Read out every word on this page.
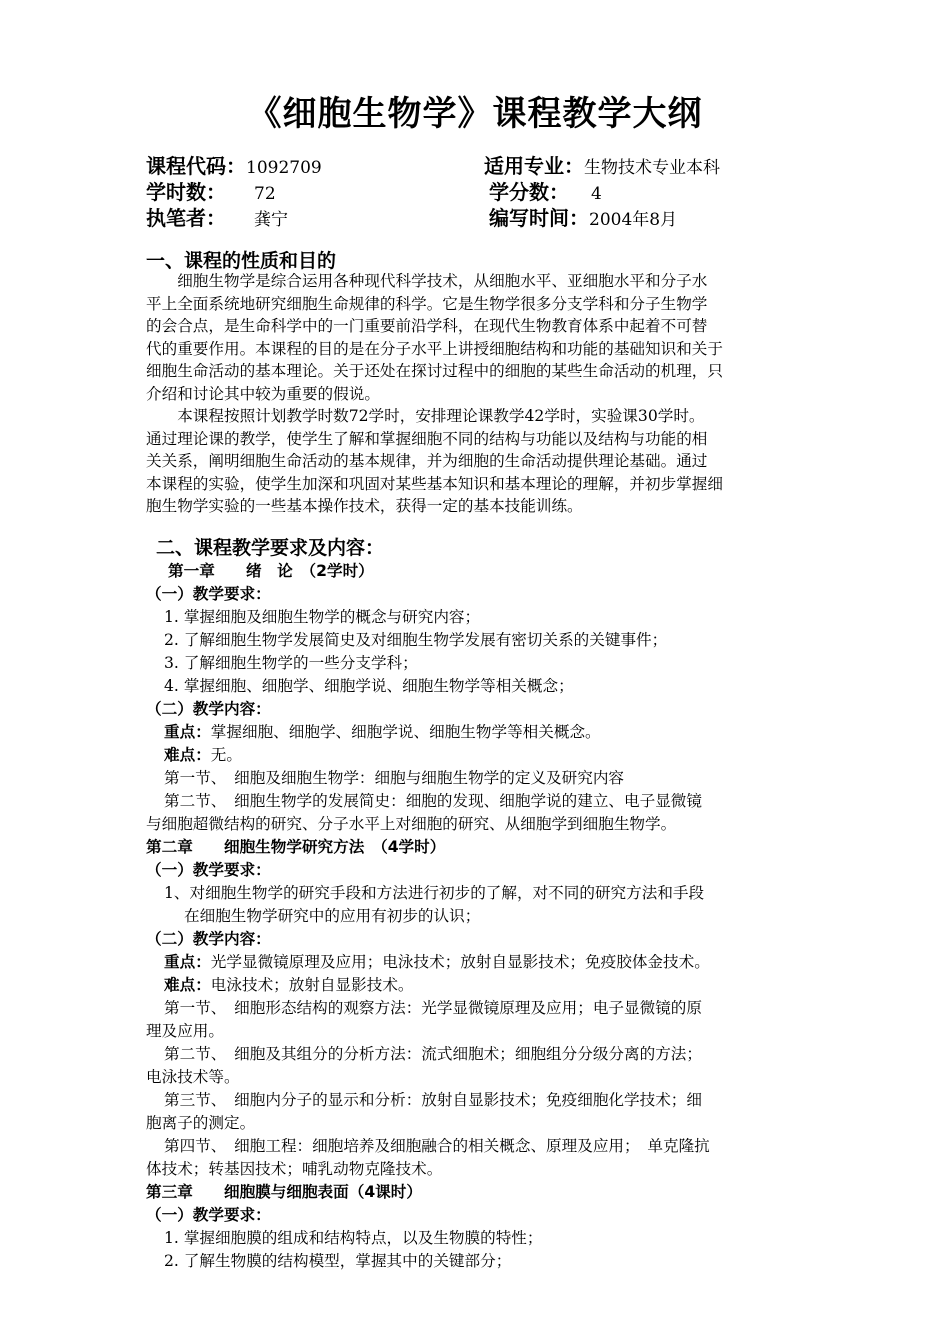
《细胞生物学》课程教学大纲
课程代码：1092709	适用专业：生物技术专业本科
学时数： 72	学分数： 4
执笔者： 龚宁	编写时间：2004年8月
一、课程的性质和目的
　　细胞生物学是综合运用各种现代科学技术，从细胞水平、亚细胞水平和分子水
平上全面系统地研究细胞生命规律的科学。它是生物学很多分支学科和分子生物学
的会合点，是生命科学中的一门重要前沿学科，在现代生物教育体系中起着不可替
代的重要作用。本课程的目的是在分子水平上讲授细胞结构和功能的基础知识和关于
细胞生命活动的基本理论。关于还处在探讨过程中的细胞的某些生命活动的机理，只
介绍和讨论其中较为重要的假说。
　　本课程按照计划教学时数72学时，安排理论课教学42学时，实验课30学时。
通过理论课的教学，使学生了解和掌握细胞不同的结构与功能以及结构与功能的相
关关系，阐明细胞生命活动的基本规律，并为细胞的生命活动提供理论基础。通过
本课程的实验，使学生加深和巩固对某些基本知识和基本理论的理解，并初步掌握细
胞生物学实验的一些基本操作技术，获得一定的基本技能训练。
二、课程教学要求及内容：
第一章　　绪　论　（2学时）
（一）教学要求：
1. 掌握细胞及细胞生物学的概念与研究内容；
2. 了解细胞生物学发展简史及对细胞生物学发展有密切关系的关键事件；
3. 了解细胞生物学的一些分支学科；
4. 掌握细胞、细胞学、细胞学说、细胞生物学等相关概念；
（二）教学内容：
重点：掌握细胞、细胞学、细胞学说、细胞生物学等相关概念。
难点：无。
第一节、　细胞及细胞生物学：细胞与细胞生物学的定义及研究内容
第二节、　细胞生物学的发展简史：细胞的发现、细胞学说的建立、电子显微镜
与细胞超微结构的研究、分子水平上对细胞的研究、从细胞学到细胞生物学。
第二章　　细胞生物学研究方法　（4学时）
（一）教学要求：
1、对细胞生物学的研究手段和方法进行初步的了解，对不同的研究方法和手段
在细胞生物学研究中的应用有初步的认识；
（二）教学内容：
重点：光学显微镜原理及应用；电泳技术；放射自显影技术；免疫胶体金技术。
难点：电泳技术；放射自显影技术。
第一节、　细胞形态结构的观察方法：光学显微镜原理及应用；电子显微镜的原
理及应用。
第二节、　细胞及其组分的分析方法：流式细胞术；细胞组分分级分离的方法；
电泳技术等。
第三节、　细胞内分子的显示和分析：放射自显影技术；免疫细胞化学技术；细
胞离子的测定。
第四节、　细胞工程：细胞培养及细胞融合的相关概念、原理及应用；　单克隆抗
体技术；转基因技术；哺乳动物克隆技术。
第三章　　细胞膜与细胞表面（4课时）
（一）教学要求：
1. 掌握细胞膜的组成和结构特点，以及生物膜的特性；
2. 了解生物膜的结构模型，掌握其中的关键部分；
